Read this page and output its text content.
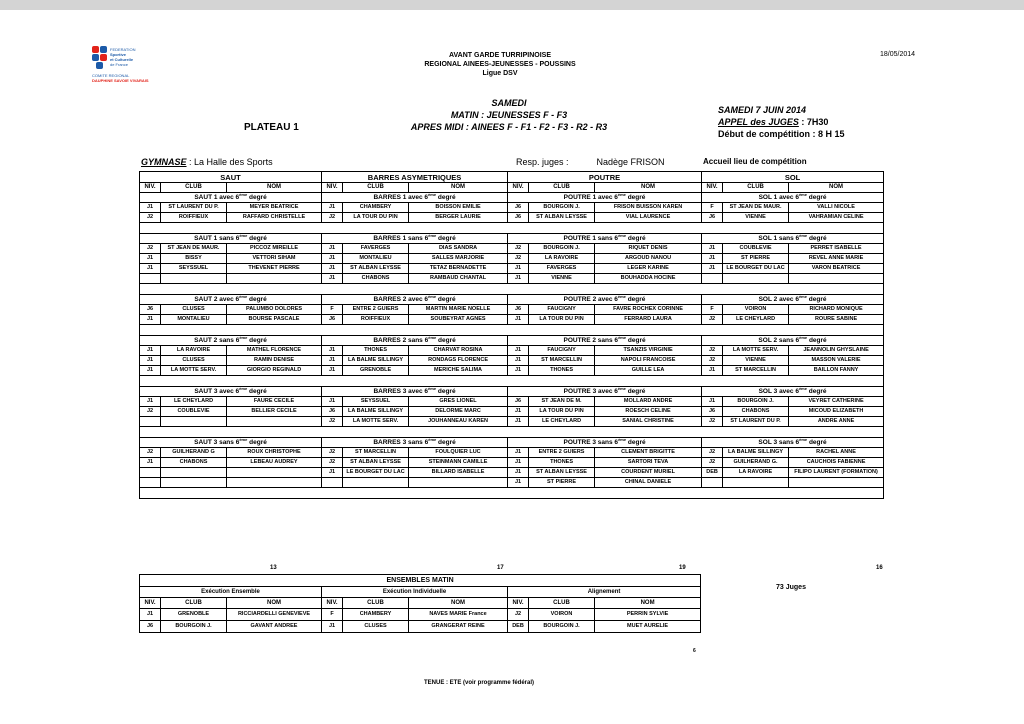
FEDERATION
Sportive
et Culturelle
de France
COMITE REGIONAL
DAUPHINE SAVOIE VIVARAIS
AVANT GARDE TURRIPINOISE
REGIONAL AINEES-JEUNESSES - POUSSINS
Ligue DSV
18/05/2014
PLATEAU 1
SAMEDI
MATIN : JEUNESSES F - F3
APRES MIDI : AINEES F - F1 - F2 - F3 - R2 - R3
SAMEDI 7 JUIN 2014
APPEL des JUGES : 7H30
Début de compétition : 8 H 15
GYMNASE : La Halle des Sports	Resp. juges :	Nadège FRISON	Accueil lieu de compétition
SAUT			BARRES ASYMETRIQUES			POUTRE			SOL		
NIV.	CLUB	NOM	NIV.	CLUB	NOM	NIV.	CLUB	NOM	NIV.	CLUB	NOM
SAUT 1 avec 6ème degré			BARRES 1 avec 6ème degré			POUTRE 1 avec 6ème degré			SOL 1 avec 6ème degré		
J1	ST LAURENT DU P.	MEYER BEATRICE	J1	CHAMBERY	BOISSON EMILIE	J6	BOURGOIN J.	FRISON BUISSON KAREN	F	ST JEAN DE MAUR.	VALLI NICOLE
J2	ROIFFIEUX	RAFFARD CHRISTELLE	J2	LA TOUR DU PIN	BERGER LAURIE	J6	ST ALBAN LEYSSE	VIAL LAURENCE	J6	VIENNE	VAHRAMIAN CELINE

SAUT 1 sans 6ème degré			BARRES 1 sans 6ème degré			POUTRE 1 sans 6ème degré			SOL 1 sans 6ème degré		
J2	ST JEAN DE MAUR.	PICCOZ MIREILLE	J1	FAVERGES	DIAS SANDRA	J2	BOURGOIN J.	RIQUET DENIS	J1	COUBLEVIE	PERRET ISABELLE
J1	BISSY	VETTORI SIHAM	J1	MONTALIEU	SALLES MARJORIE	J2	LA RAVOIRE	ARGOUD NANOU	J1	ST PIERRE	REVEL ANNE MARIE
J1	SEYSSUEL	THEVENET PIERRE	J1	ST ALBAN LEYSSE	TETAZ BERNADETTE	J1	FAVERGES	LEGER KARINE	J1	LE BOURGET DU LAC	VARON BEATRICE
			J1	CHABONS	RAMBAUD CHANTAL	J1	VIENNE	BOUHADDA HOCINE			

SAUT 2 avec 6ème degré			BARRES 2 avec 6ème degré			POUTRE 2 avec 6ème degré			SOL 2 avec 6ème degré		
J6	CLUSES	PALUMBO DOLORES	F	ENTRE 2 GUIERS	MARTIN MARIE NOELLE	J6	FAUCIGNY	FAVRE ROCHEX CORINNE	F	VOIRON	RICHARD MONIQUE
J1	MONTALIEU	BOURSE PASCALE	J6	ROIFFIEUX	SOUBEYRAT AGNES	J1	LA TOUR DU PIN	FERRARD LAURA	J2	LE CHEYLARD	ROURE SABINE

SAUT 2 sans 6ème degré			BARRES 2 sans 6ème degré			POUTRE 2 sans 6ème degré			SOL 2 sans 6ème degré		
J1	LA RAVOIRE	MATHEL FLORENCE	J1	THONES	CHARVAT ROSINA	J1	FAUCIGNY	TSANZIS VIRGINIE	J2	LA MOTTE SERV.	JEANNOLIN GHYSLAINE
J1	CLUSES	RAMIN DENISE	J1	LA BALME SILLINGY	RONDAGS FLORENCE	J1	ST MARCELLIN	NAPOLI FRANCOISE	J2	VIENNE	MASSON VALERIE
J1	LA MOTTE SERV.	GIORGIO REGINALD	J1	GRENOBLE	MERICHE SALIMA	J1	THONES	GUILLE LEA	J1	ST MARCELLIN	BAILLON FANNY

SAUT 3 avec 6ème degré			BARRES 3 avec 6ème degré			POUTRE 3 avec 6ème degré			SOL 3 avec 6ème degré		
J1	LE CHEYLARD	FAURE CECILE	J1	SEYSSUEL	GRES LIONEL	J6	ST JEAN DE M.	MOLLARD ANDRE	J1	BOURGOIN J.	VEYRET CATHERINE
J2	COUBLEVIE	BELLIER CECILE	J6	LA BALME SILLINGY	DELORME MARC	J1	LA TOUR DU PIN	ROESCH CELINE	J6	CHABONS	MICOUD ELIZABETH
			J2	LA MOTTE SERV.	JOUHANNEAU KAREN	J1	LE CHEYLARD	SANIAL CHRISTINE	J2	ST LAURENT DU P.	ANDRE ANNE

SAUT 3 sans 6ème degré			BARRES 3 sans 6ème degré			POUTRE 3 sans 6ème degré			SOL 3 sans 6ème degré		
J2	GUILHERAND G	ROUX CHRISTOPHE	J2	ST MARCELLIN	FOULQUIER LUC	J1	ENTRE 2 GUIERS	CLEMENT BRIGITTE	J2	LA BALME SILLINGY	RACHEL ANNE
J1	CHABONS	LEBEAU AUDREY	J2	ST ALBAN LEYSSE	STEINMANN CAMILLE	J1	THONES	SARTORI TEVA	J2	GUILHERAND G.	CAUCHOIS FABIENNE
			J1	LE BOURGET DU LAC	BILLARD ISABELLE	J1	ST ALBAN LEYSSE	COURDENT MURIEL	DEB	LA RAVOIRE	FILIPO LAURENT (FORMATION)
						J1	ST PIERRE	CHINAL DANIELE			

13	17	19	16
73 Juges
ENSEMBLES MATIN								
Exécution Ensemble			Exécution Individuelle			Alignement		
NIV.	CLUB	NOM	NIV.	CLUB	NOM	NIV.	CLUB	NOM
J1	GRENOBLE	RICCIARDELLI GENEVIEVE	F	CHAMBERY	NAVES MARIE France	J2	VOIRON	PERRIN SYLVIE
J6	BOURGOIN J.	GAVANT ANDREE	J1	CLUSES	GRANGERAT REINE	DEB	BOURGOIN J.	MUET AURELIE
6
TENUE : ETE (voir programme fédéral)
